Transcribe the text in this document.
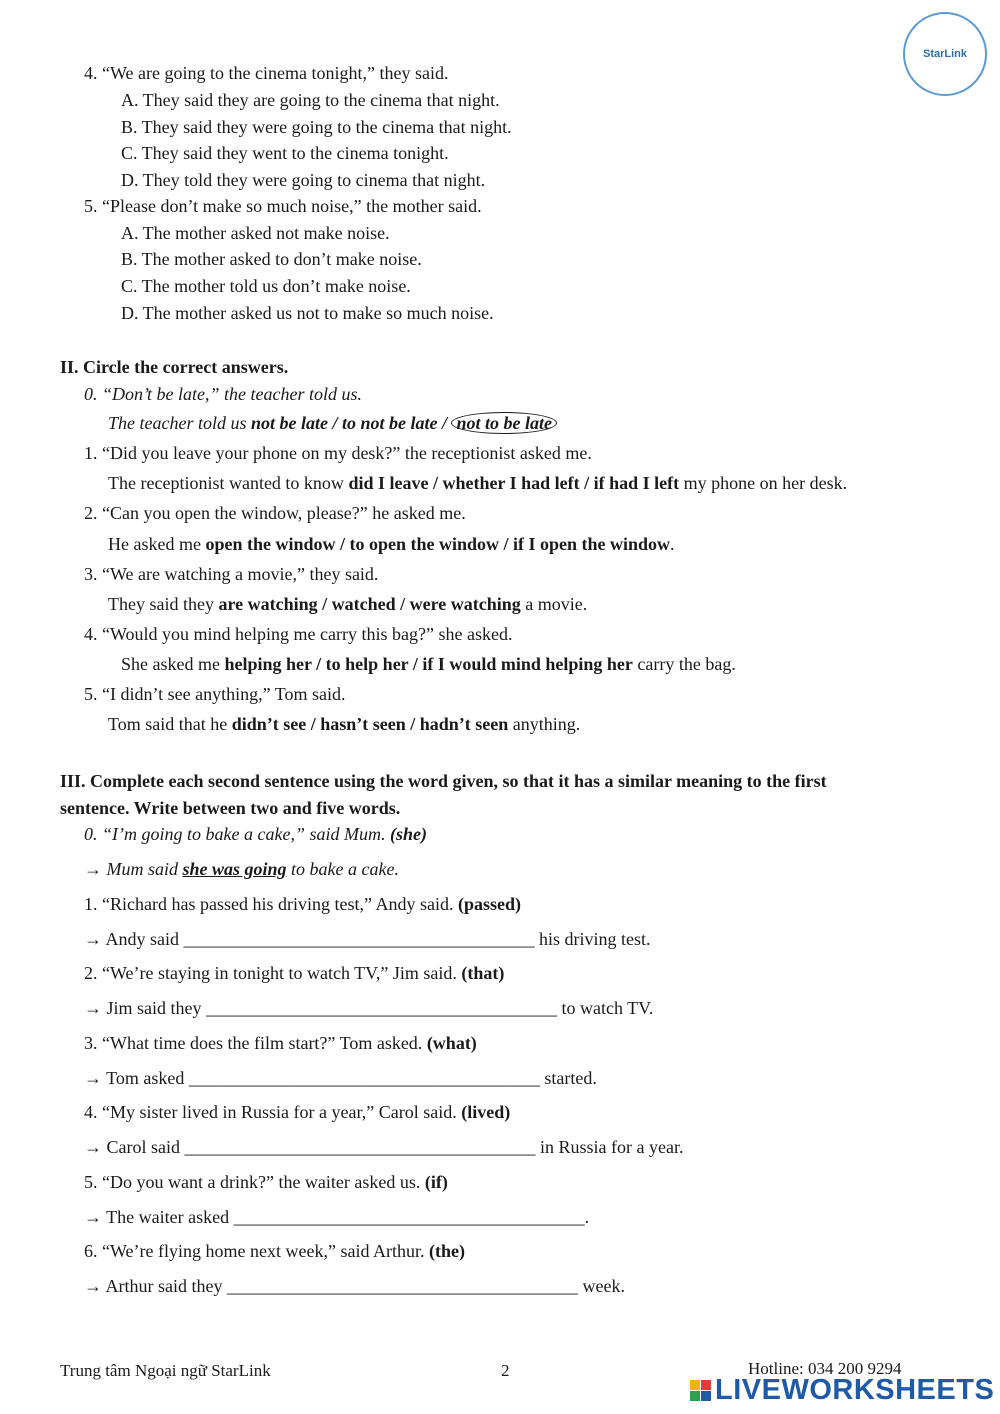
StarLink
4. “We are going to the cinema tonight,” they said.
A. They said they are going to the cinema that night.
B. They said they were going to the cinema that night.
C. They said they went to the cinema tonight.
D. They told they were going to cinema that night.
5. “Please don’t make so much noise,” the mother said.
A. The mother asked not make noise.
B. The mother asked to don’t make noise.
C. The mother told us don’t make noise.
D. The mother asked us not to make so much noise.
II. Circle the correct answers.
0. “Don’t be late,” the teacher told us.
The teacher told us not be late / to not be late / not to be late
1. “Did you leave your phone on my desk?” the receptionist asked me.
The receptionist wanted to know did I leave / whether I had left / if had I left my phone on her desk.
2. “Can you open the window, please?” he asked me.
He asked me open the window / to open the window / if I open the window.
3. “We are watching a movie,” they said.
They said they are watching / watched / were watching a movie.
4. “Would you mind helping me carry this bag?” she asked.
She asked me helping her / to help her / if I would mind helping her carry the bag.
5. “I didn’t see anything,” Tom said.
Tom said that he didn’t see / hasn’t seen / hadn’t seen anything.
III. Complete each second sentence using the word given, so that it has a similar meaning to the first
sentence. Write between two and five words.
0. “I’m going to bake a cake,” said Mum. (she)
→ Mum said she was going to bake a cake.
1. “Richard has passed his driving test,” Andy said. (passed)
→ Andy said _______________________________________ his driving test.
2. “We’re staying in tonight to watch TV,” Jim said. (that)
→ Jim said they _______________________________________ to watch TV.
3. “What time does the film start?” Tom asked. (what)
→ Tom asked _______________________________________ started.
4. “My sister lived in Russia for a year,” Carol said. (lived)
→ Carol said _______________________________________ in Russia for a year.
5. “Do you want a drink?” the waiter asked us. (if)
→ The waiter asked _______________________________________.
6. “We’re flying home next week,” said Arthur. (the)
→ Arthur said they _______________________________________ week.
Trung tâm Ngoại ngữ StarLink	2	Hotline: 034 200 9294
LIVEWORKSHEETS
